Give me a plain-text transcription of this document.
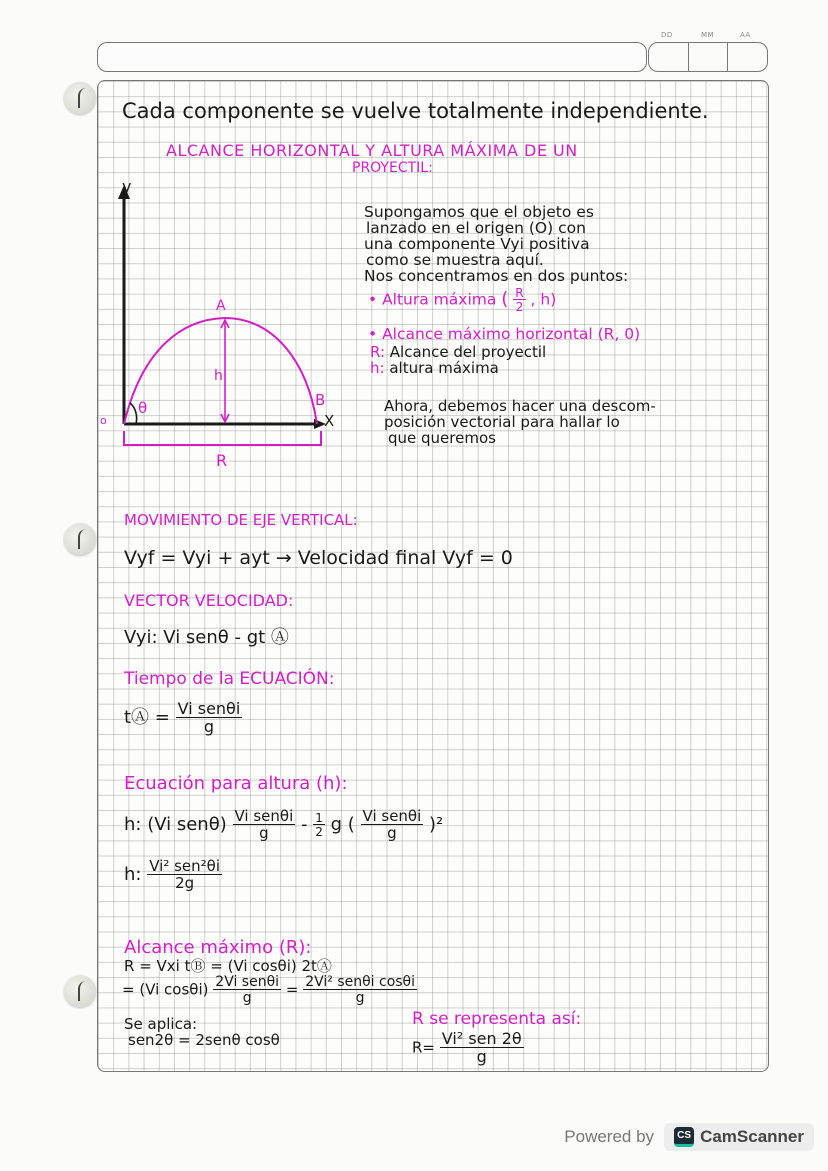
DD	MM	AA
Cada componente se vuelve totalmente independiente.
ALCANCE HORIZONTAL Y ALTURA MÁXIMA DE UN
PROYECTIL:
y
X
o
θ
A
B
h
R
Supongamos que el objeto es
lanzado en el origen (O) con
una componente Vyi positiva
como se muestra aquí.
Nos concentramos en dos puntos:
• Altura máxima ( $\frac{R}{2}$ , h)
• Alcance máximo horizontal (R, 0)
R: Alcance del proyectil
h: altura máxima
Ahora, debemos hacer una descom-
posición vectorial para hallar lo
que queremos
MOVIMIENTO DE EJE VERTICAL:
Vyf = Vyi + ayt → Velocidad final Vyf = 0
VECTOR VELOCIDAD:
Vyi: Vi senθ - gt Ⓐ
Tiempo de la ECUACIÓN:
tⒶ = $\frac{\text{Vi senθi}}{g}$
Ecuación para altura (h):
h: (Vi $sen\theta) \frac{\text{Vi senθi}}{g} - \frac{1}{2}$ g ( $\frac{\text{Vi senθi}}{g} )^2$
h: $\frac{\text{Vi² sen²θi}}{2g}$
Alcance máximo (R):
R = Vxi tⒷ = (Vi cosθi) 2tⒶ
= (Vi $\cos\theta i) \frac{\text{2Vi senθi}}{g} = \frac{\text{2Vi² senθi cosθi}}{g}$
Se aplica:
sen2θ = 2senθ cosθ
R se representa así:
$R= \frac{\text{Vi² sen 2θ}}{g}$
Powered by	CS CamScanner
